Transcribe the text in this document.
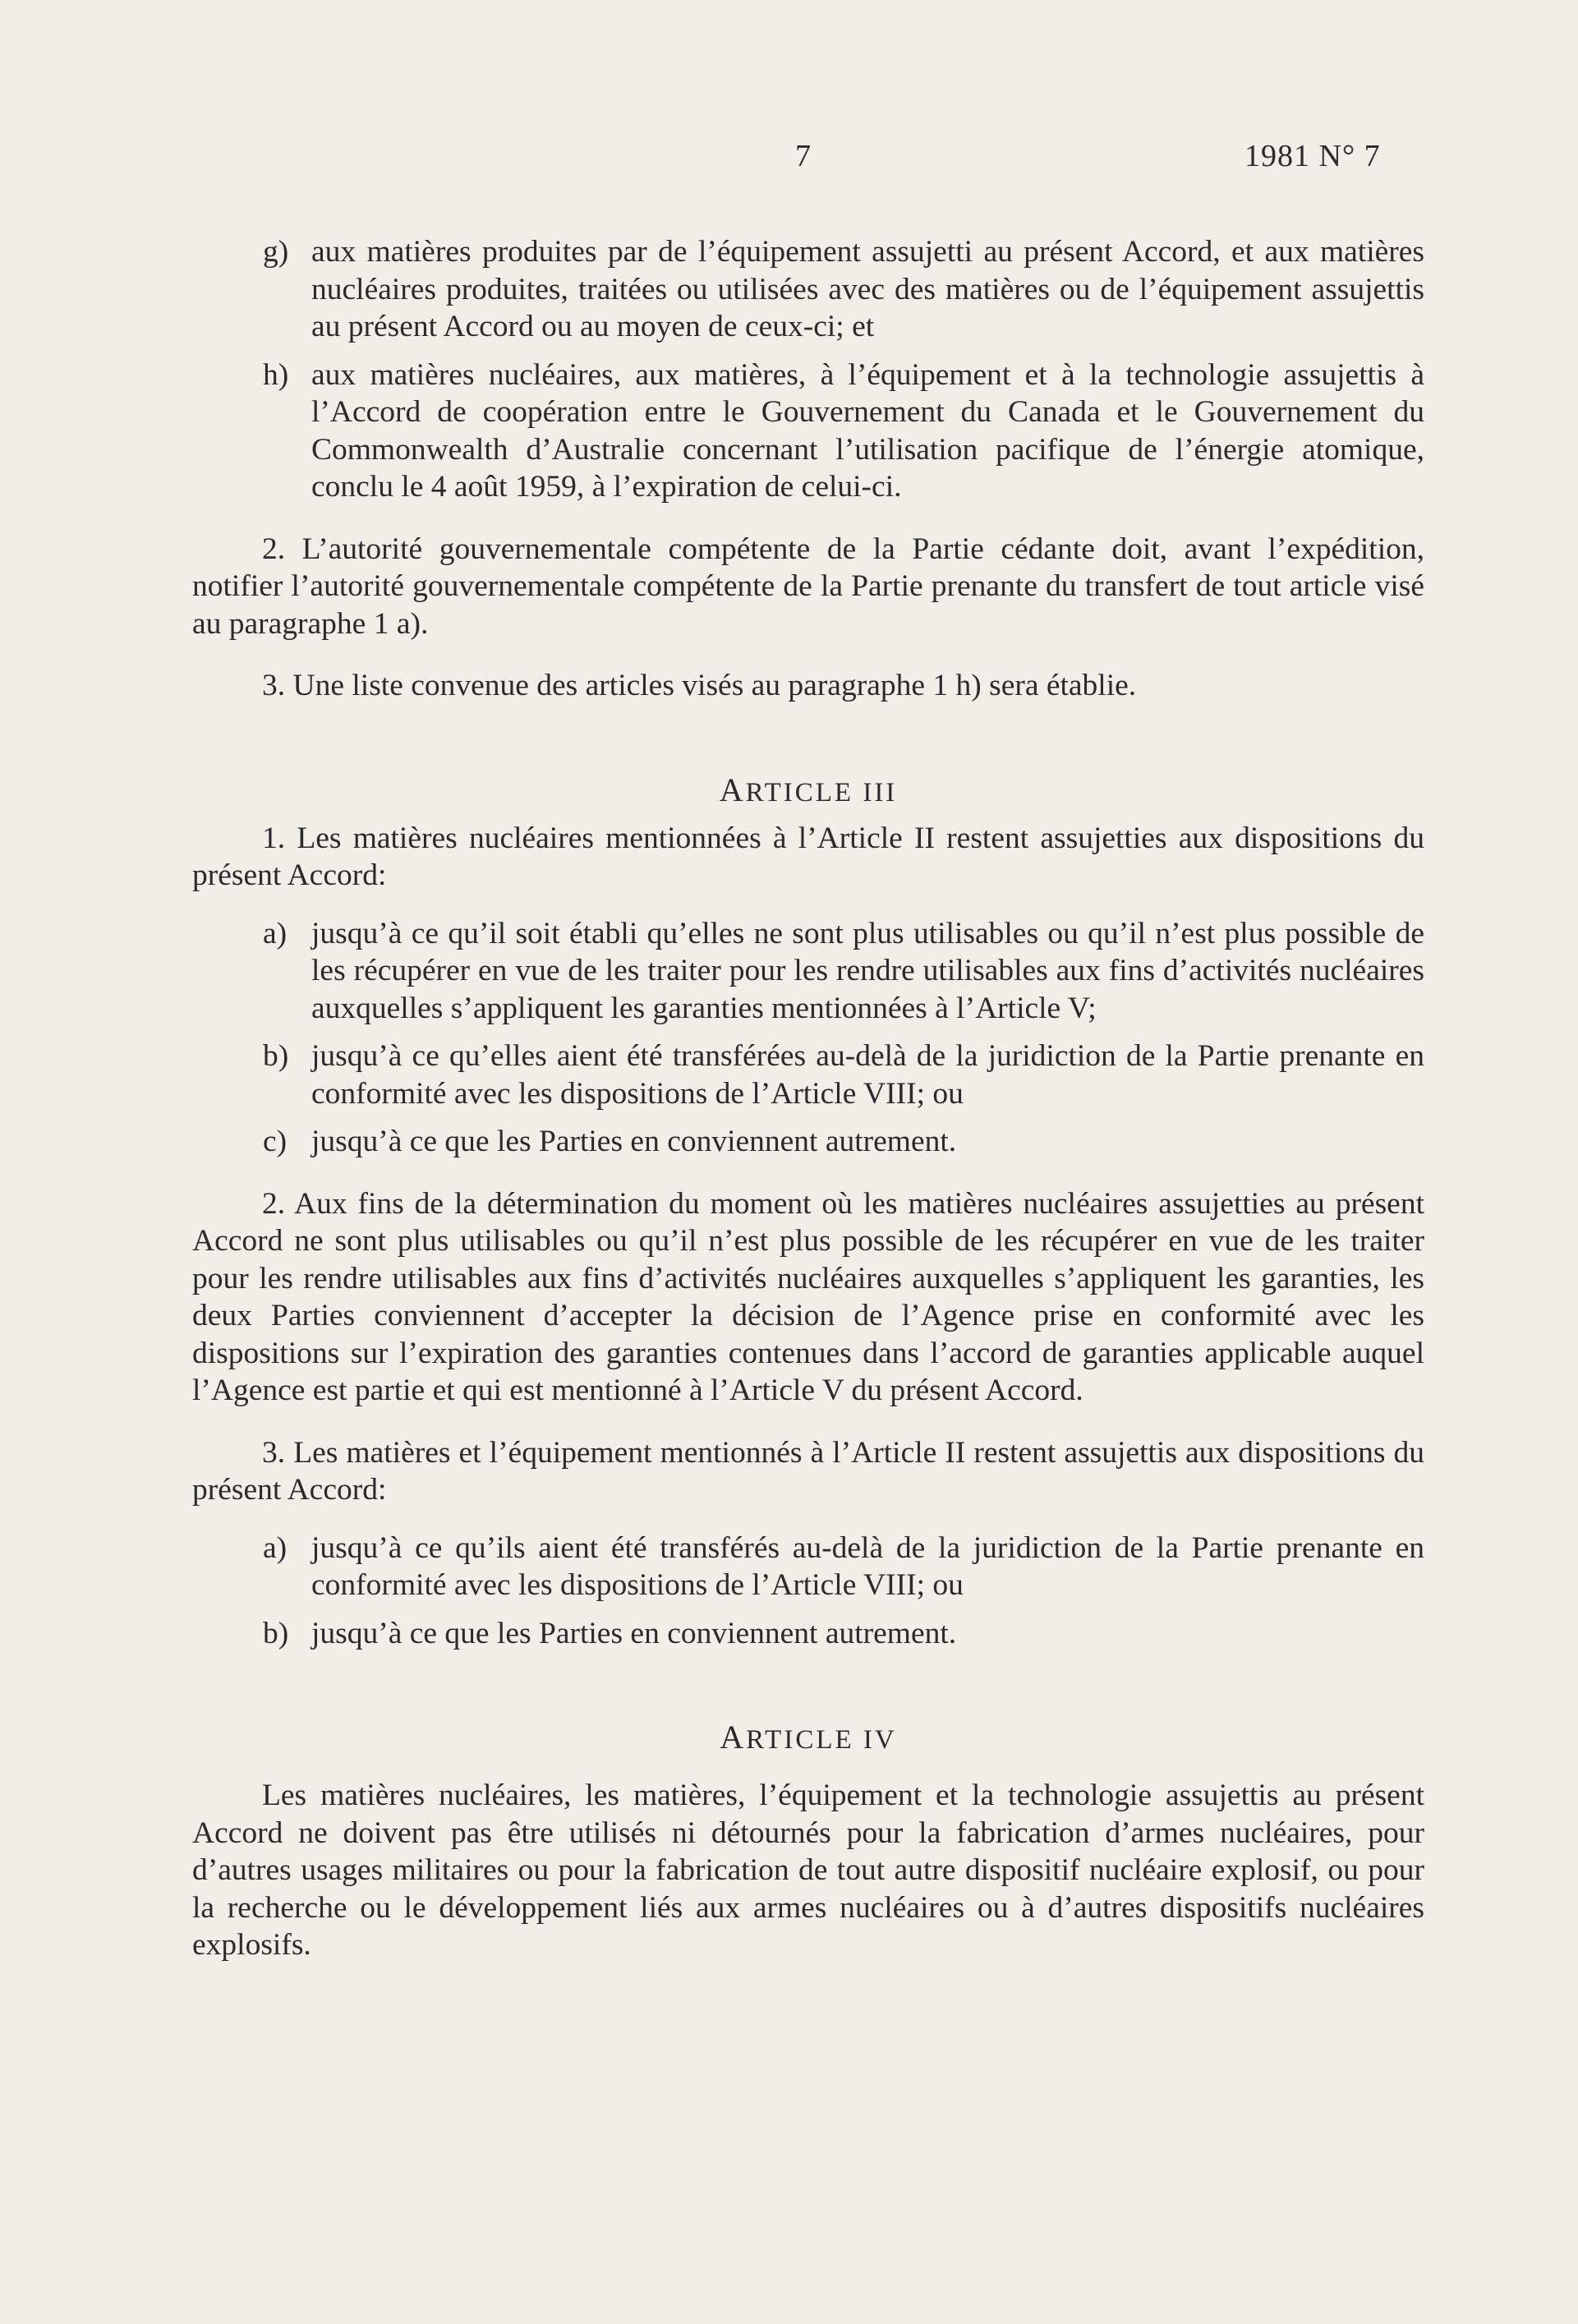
7	1981 N° 7

g) aux matières produites par de l’équipement assujetti au présent Accord, et aux matières nucléaires produites, traitées ou utilisées avec des matières ou de l’équipement assujettis au présent Accord ou au moyen de ceux-ci; et

h) aux matières nucléaires, aux matières, à l’équipement et à la technologie assujettis à l’Accord de coopération entre le Gouvernement du Canada et le Gouvernement du Commonwealth d’Australie concernant l’utilisation pacifique de l’énergie atomique, conclu le 4 août 1959, à l’expiration de celui-ci.

2. L’autorité gouvernementale compétente de la Partie cédante doit, avant l’expédition, notifier l’autorité gouvernementale compétente de la Partie prenante du transfert de tout article visé au paragraphe 1 a).

3. Une liste convenue des articles visés au paragraphe 1 h) sera établie.

ARTICLE III

1. Les matières nucléaires mentionnées à l’Article II restent assujetties aux dispositions du présent Accord:

a) jusqu’à ce qu’il soit établi qu’elles ne sont plus utilisables ou qu’il n’est plus possible de les récupérer en vue de les traiter pour les rendre utilisables aux fins d’activités nucléaires auxquelles s’appliquent les garanties mentionnées à l’Article V;

b) jusqu’à ce qu’elles aient été transférées au-delà de la juridiction de la Partie prenante en conformité avec les dispositions de l’Article VIII; ou

c) jusqu’à ce que les Parties en conviennent autrement.

2. Aux fins de la détermination du moment où les matières nucléaires assujetties au présent Accord ne sont plus utilisables ou qu’il n’est plus possible de les récupérer en vue de les traiter pour les rendre utilisables aux fins d’activités nucléaires auxquelles s’appliquent les garanties, les deux Parties conviennent d’accepter la décision de l’Agence prise en conformité avec les dispositions sur l’expiration des garanties contenues dans l’accord de garanties applicable auquel l’Agence est partie et qui est mentionné à l’Article V du présent Accord.

3. Les matières et l’équipement mentionnés à l’Article II restent assujettis aux dispositions du présent Accord:

a) jusqu’à ce qu’ils aient été transférés au-delà de la juridiction de la Partie prenante en conformité avec les dispositions de l’Article VIII; ou

b) jusqu’à ce que les Parties en conviennent autrement.

ARTICLE IV

Les matières nucléaires, les matières, l’équipement et la technologie assujettis au présent Accord ne doivent pas être utilisés ni détournés pour la fabrication d’armes nucléaires, pour d’autres usages militaires ou pour la fabrication de tout autre dispositif nucléaire explosif, ou pour la recherche ou le développement liés aux armes nucléaires ou à d’autres dispositifs nucléaires explosifs.
